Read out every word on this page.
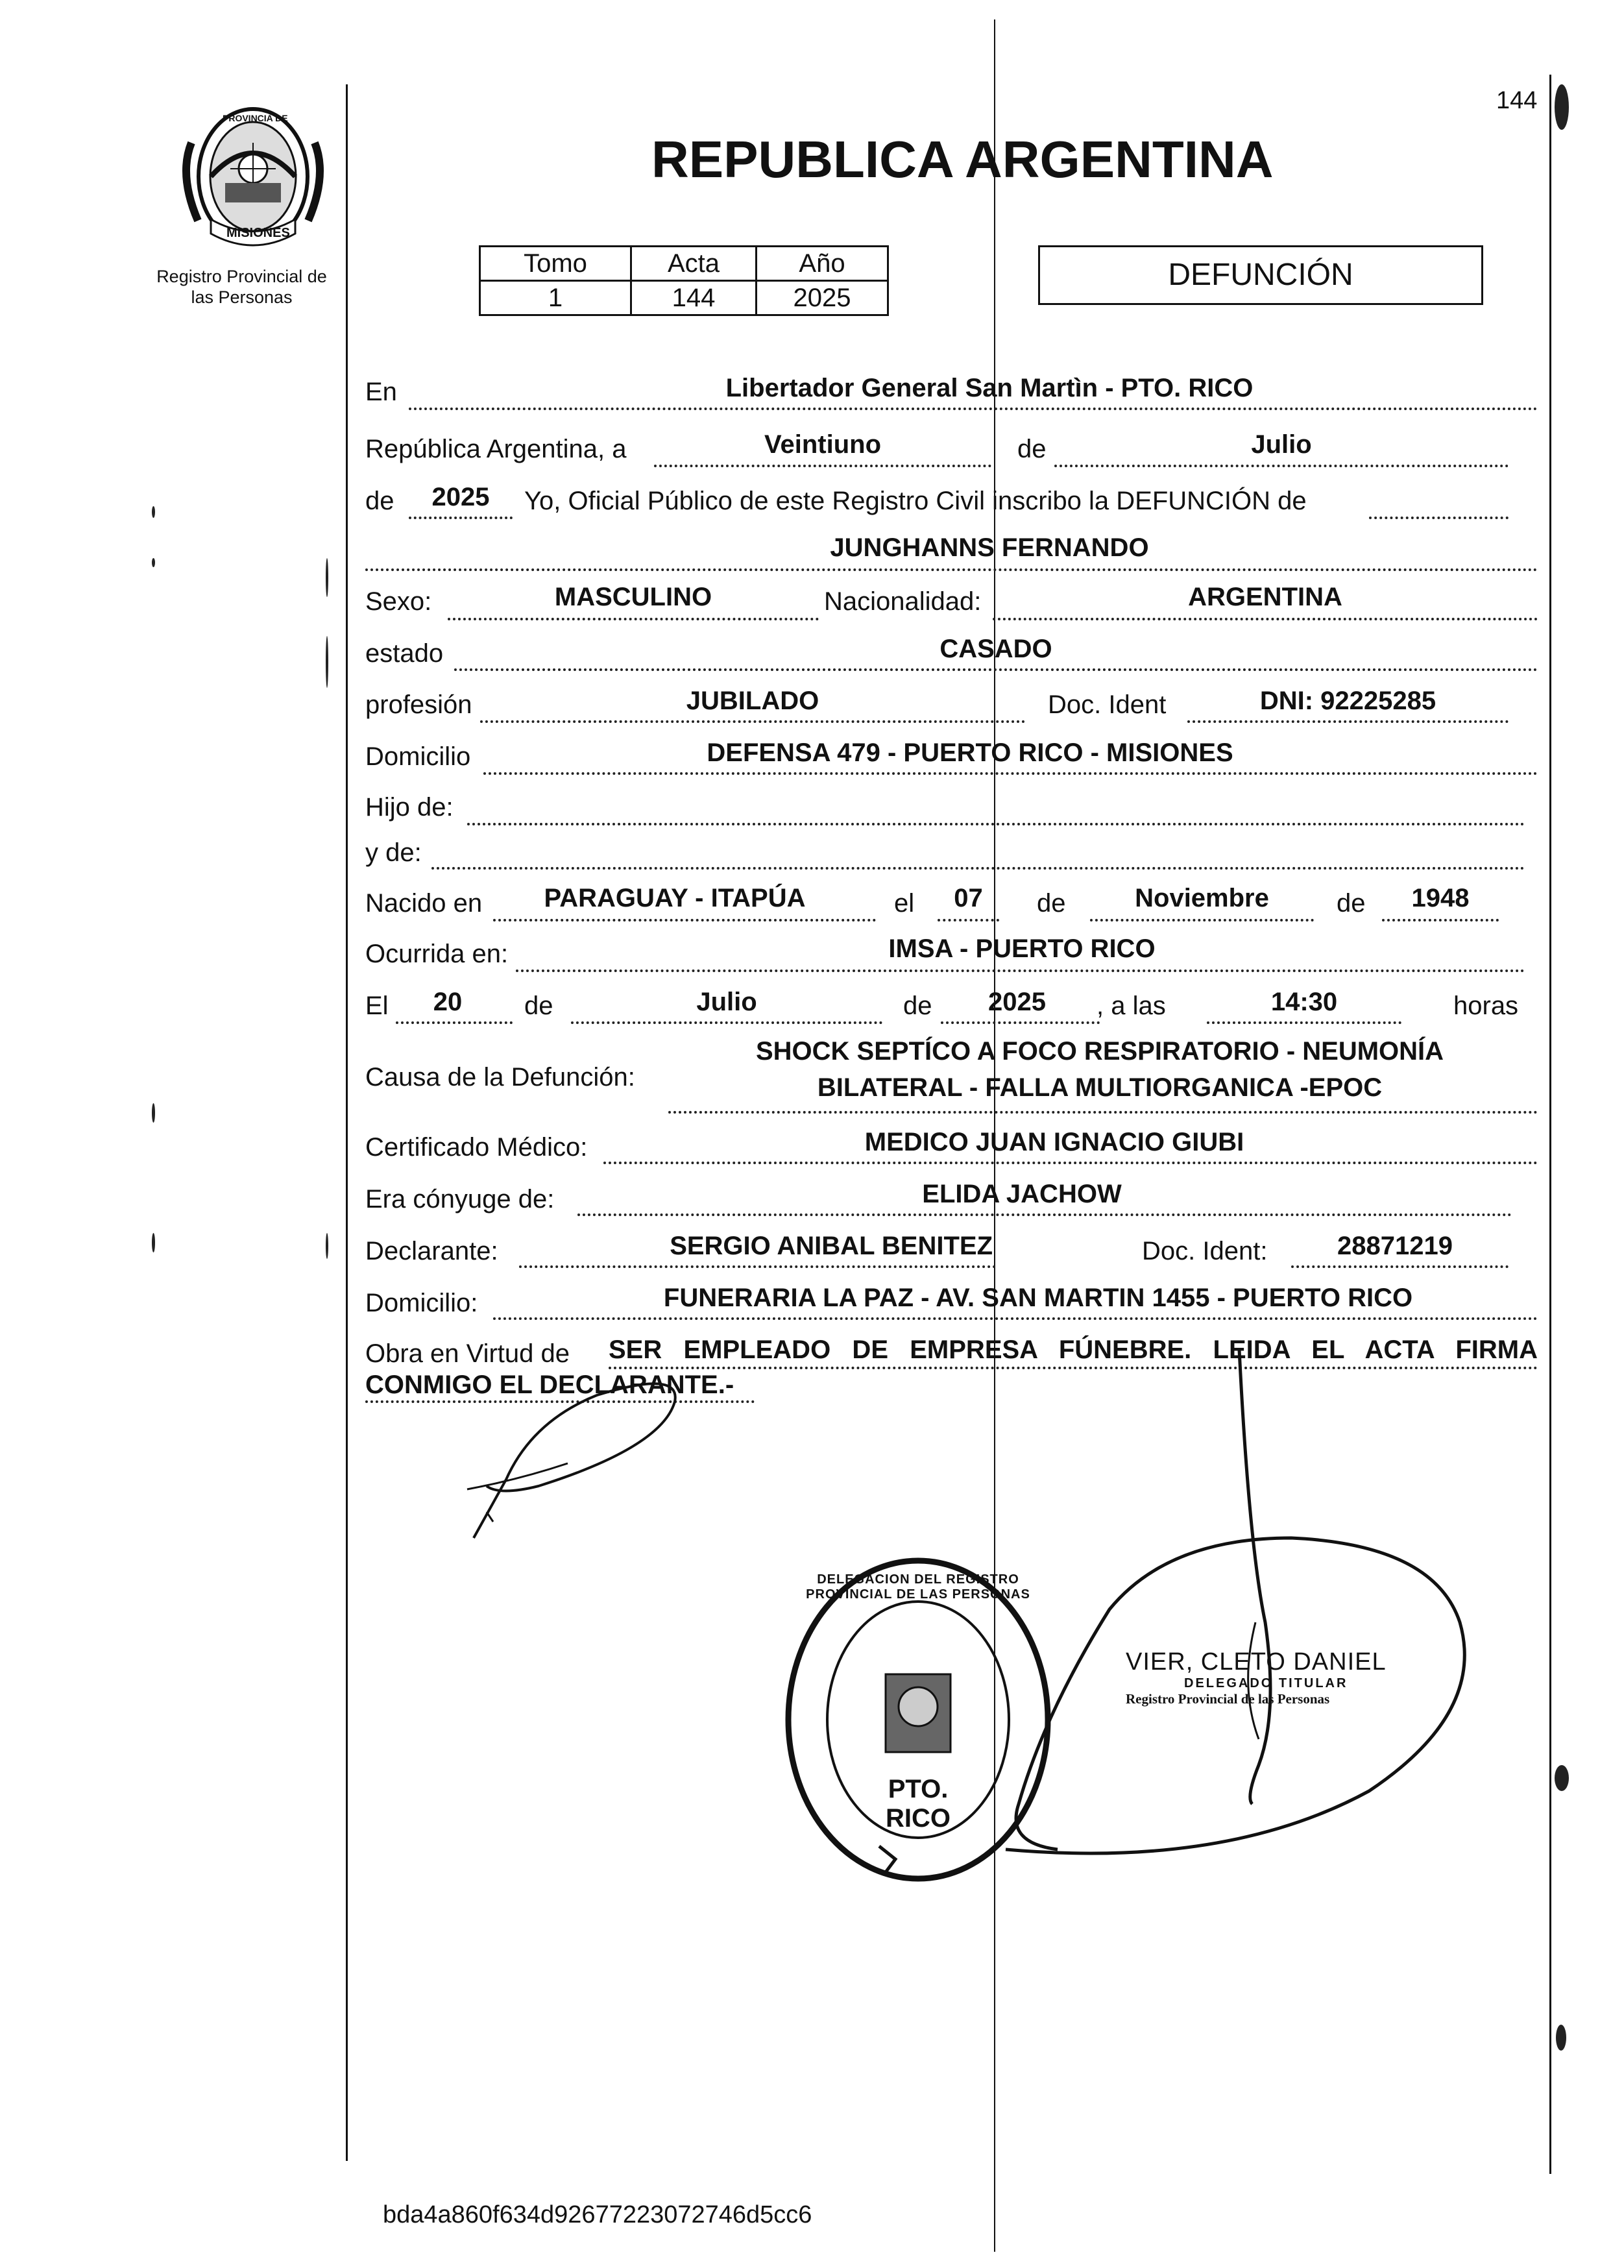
PROVINCIA DE
MISIONES
Registro Provincial de
las Personas
144
REPUBLICA ARGENTINA
Tomo	Acta	Año
1	144	2025
DEFUNCIÓN
En	Libertador General San Martìn - PTO. RICO
República Argentina, a	Veintiuno	de	Julio
de	2025	Yo, Oficial Público de este Registro Civil inscribo la DEFUNCIÓN de
JUNGHANNS FERNANDO
Sexo:	MASCULINO	Nacionalidad:	ARGENTINA
estado	CASADO
profesión	JUBILADO	Doc. Ident	DNI: 92225285
Domicilio	DEFENSA 479 - PUERTO RICO - MISIONES
Hijo de:
y de:
Nacido en	PARAGUAY - ITAPÚA	el	07	de	Noviembre	de	1948
Ocurrida en:	IMSA - PUERTO RICO
El	20	de	Julio	de	2025	, a las	14:30	horas
Causa de la Defunción:
SHOCK SEPTÍCO A FOCO RESPIRATORIO - NEUMONÍA
BILATERAL - FALLA MULTIORGANICA -EPOC
Certificado Médico:	MEDICO JUAN IGNACIO GIUBI
Era cónyuge de:	ELIDA JACHOW
Declarante:	SERGIO ANIBAL BENITEZ	Doc. Ident:	28871219
Domicilio:	FUNERARIA LA PAZ - AV. SAN MARTIN 1455 - PUERTO RICO
Obra en Virtud de SER EMPLEADO DE EMPRESA FÚNEBRE. LEIDA EL ACTA FIRMA
CONMIGO EL DECLARANTE.-
DELEGACION DEL REGISTRO PROVINCIAL DE LAS PERSONAS
PTO. RICO
VIER, CLETO DANIEL
DELEGADO TITULAR
Registro Provincial de las Personas
bda4a860f634d92677223072746d5cc6
